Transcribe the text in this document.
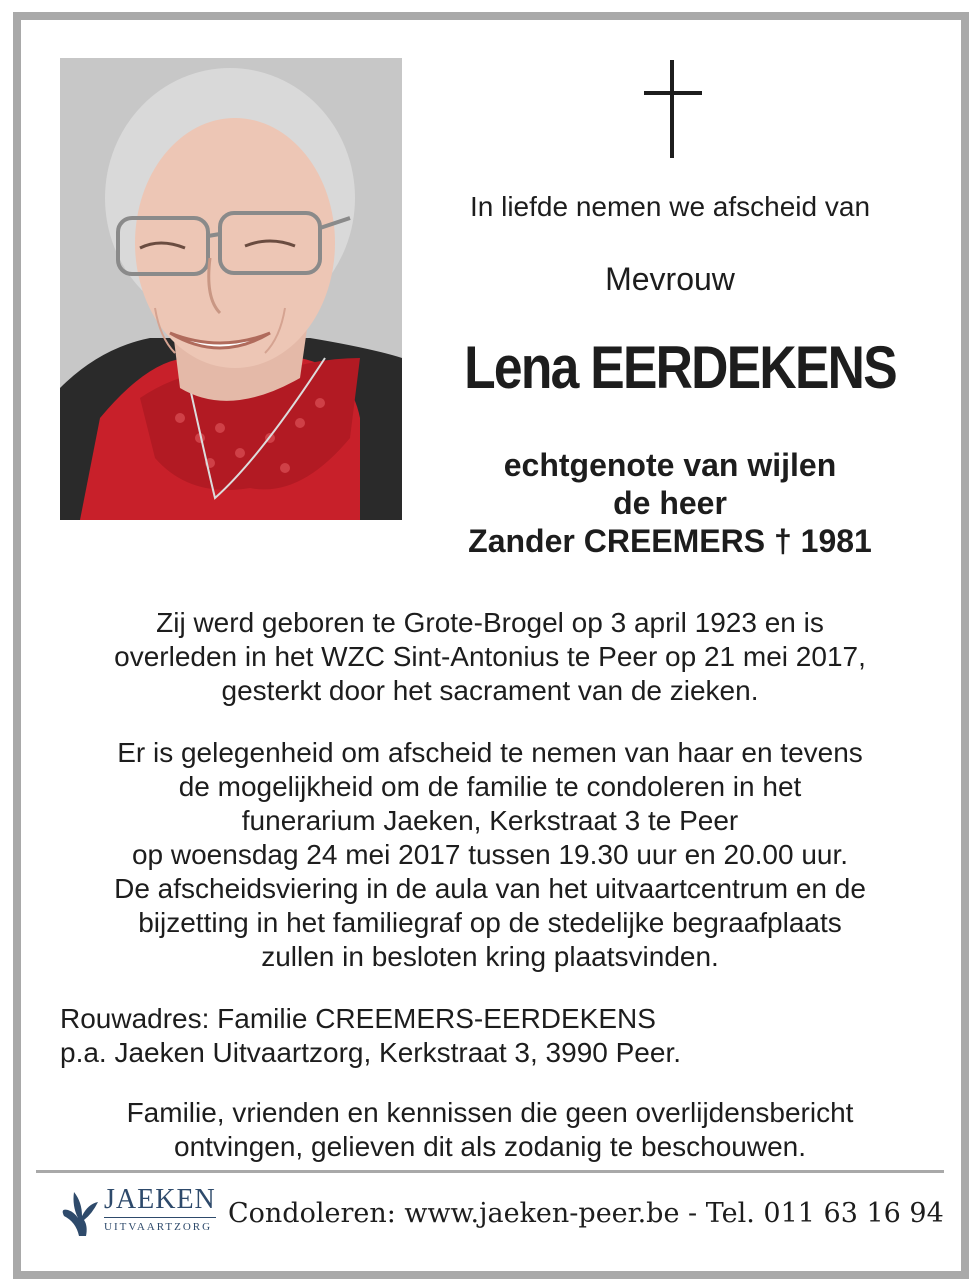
In liefde nemen we afscheid van
Mevrouw
Lena EERDEKENS
echtgenote van wijlen
de heer
Zander CREEMERS † 1981
Zij werd geboren te Grote-Brogel op 3 april 1923 en is
overleden in het WZC Sint-Antonius te Peer op 21 mei 2017,
gesterkt door het sacrament van de zieken.
Er is gelegenheid om afscheid te nemen van haar en tevens
de mogelijkheid om de familie te condoleren in het
funerarium Jaeken, Kerkstraat 3 te Peer
op woensdag 24 mei 2017 tussen 19.30 uur en 20.00 uur.
De afscheidsviering in de aula van het uitvaartcentrum en de
bijzetting in het familiegraf op de stedelijke begraafplaats
zullen in besloten kring plaatsvinden.
Rouwadres: Familie CREEMERS-EERDEKENS
p.a. Jaeken Uitvaartzorg, Kerkstraat 3, 3990 Peer.
Familie, vrienden en kennissen die geen overlijdensbericht
ontvingen, gelieven dit als zodanig te beschouwen.
JAEKEN
UITVAARTZORG Condoleren: www.jaeken-peer.be - Tel. 011 63 16 94
